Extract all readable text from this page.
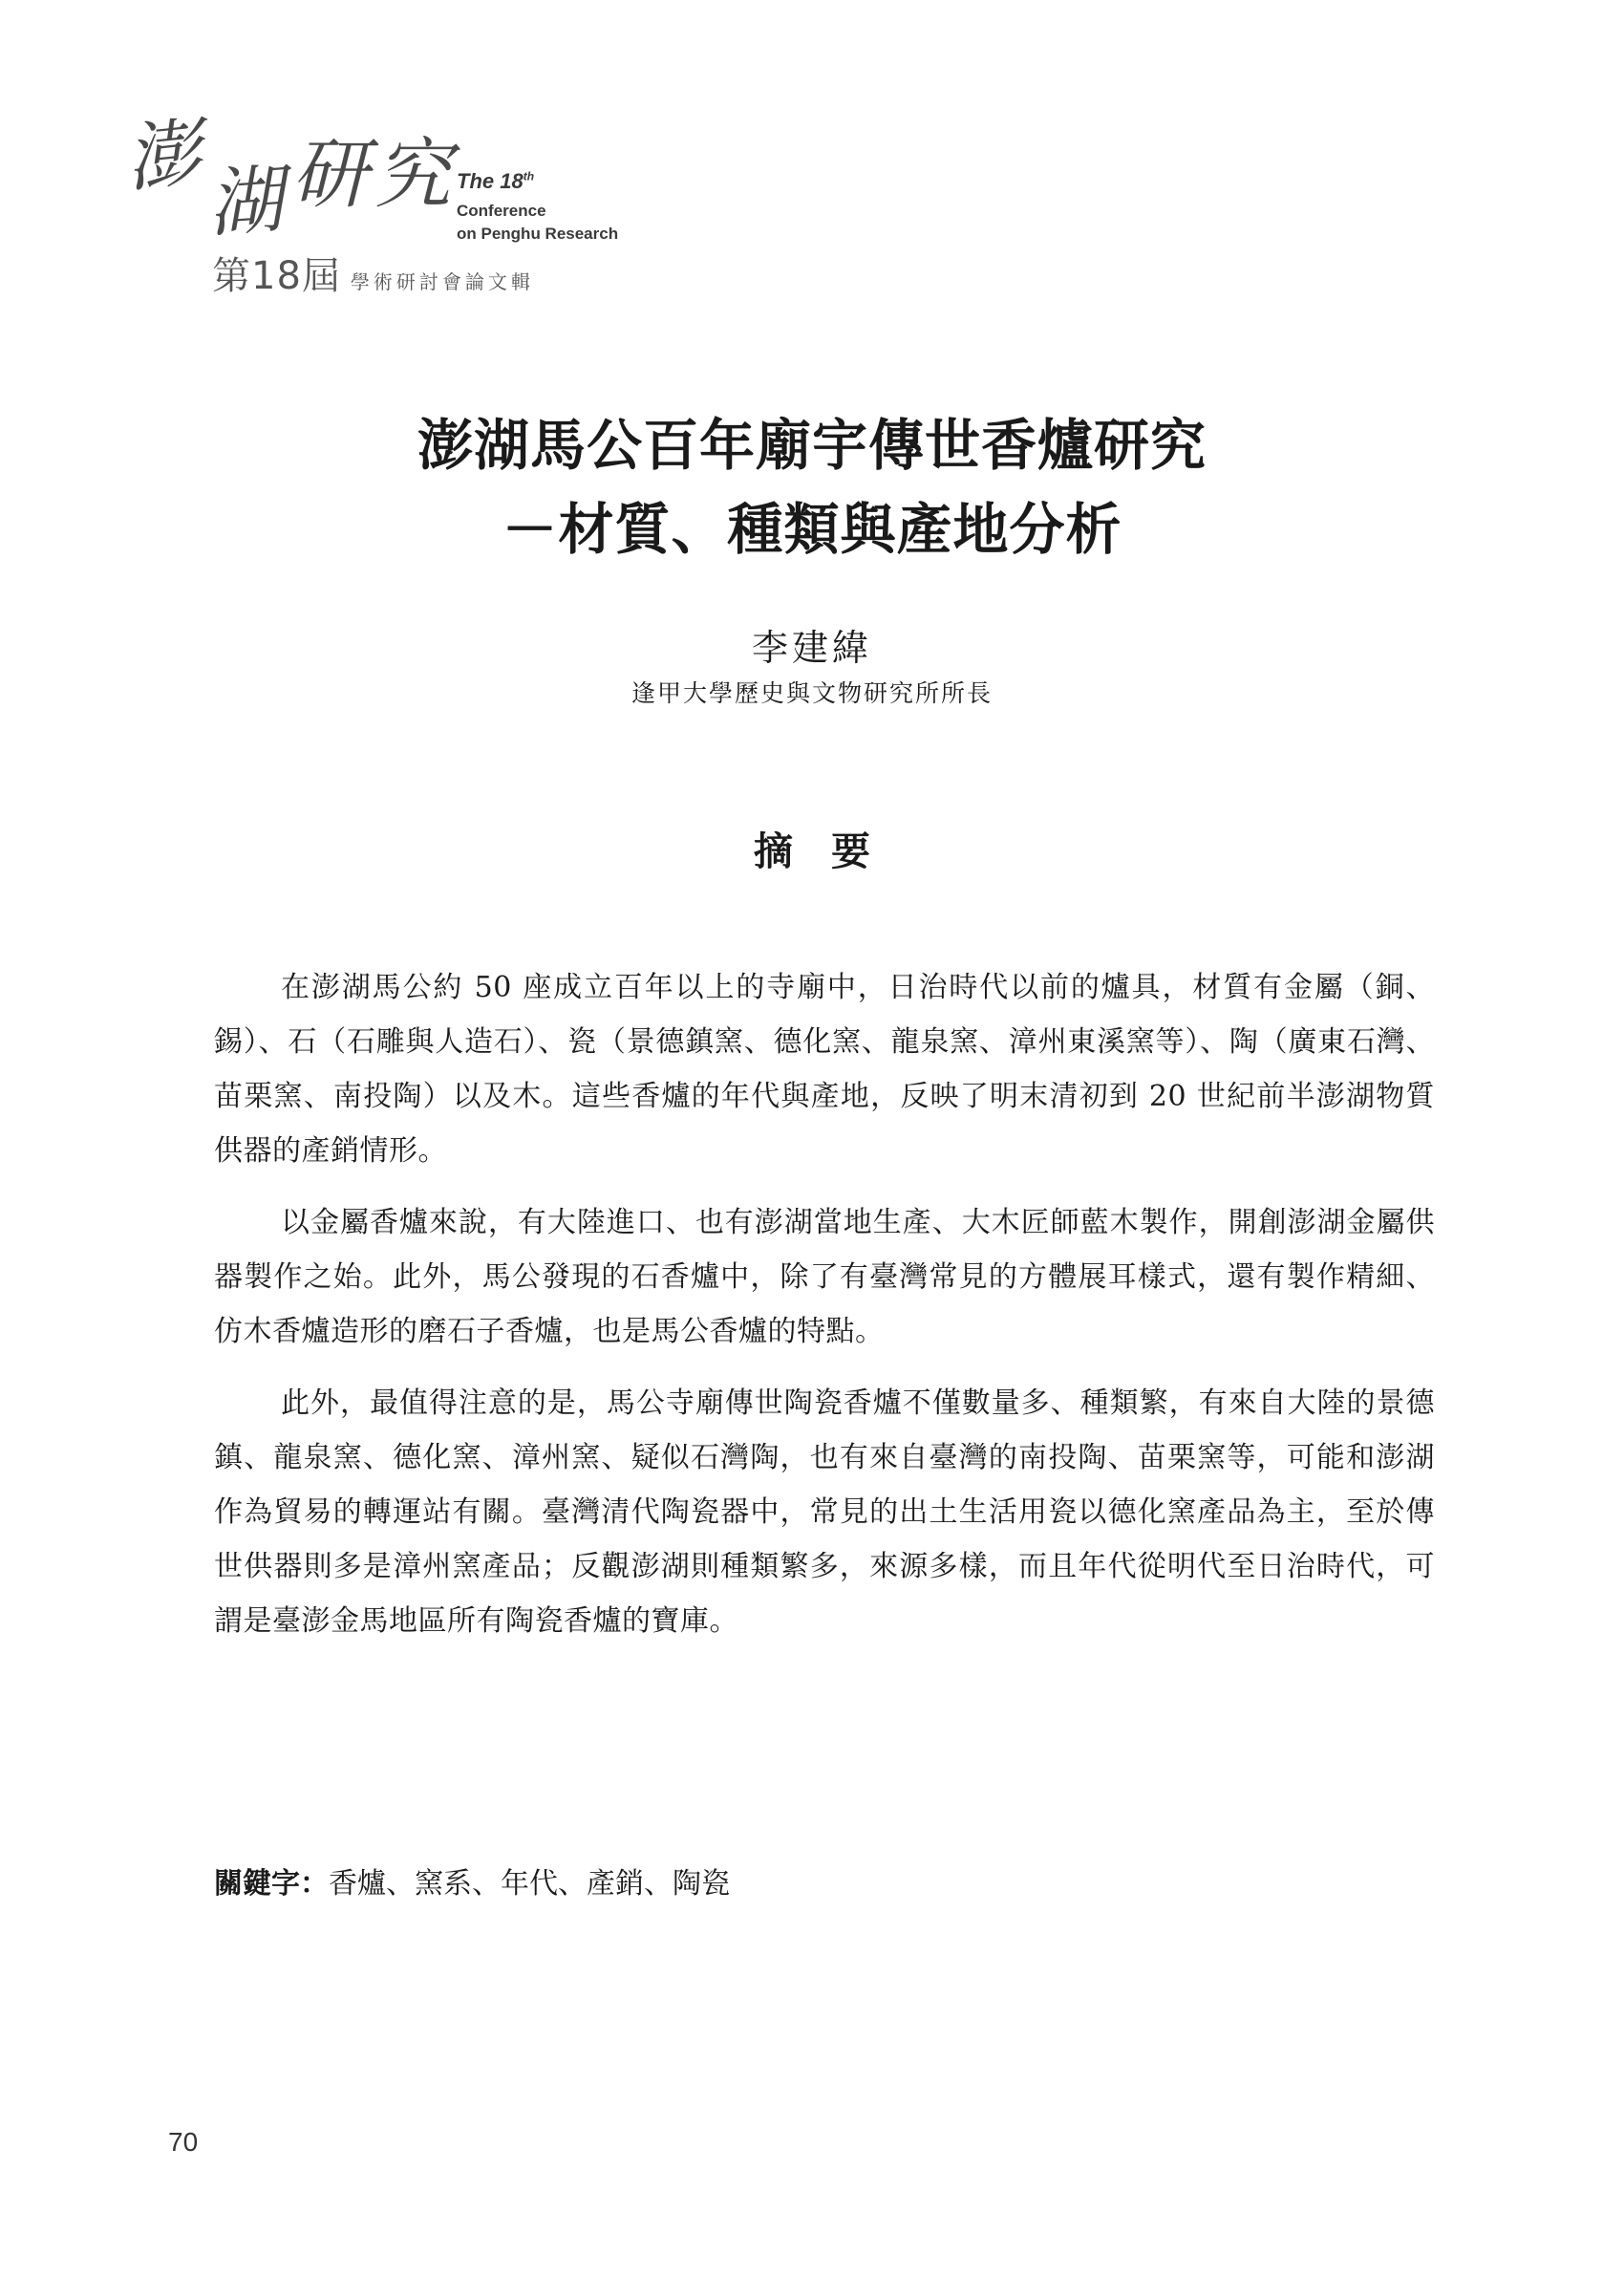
澎 湖 研 究 The 18th
Conference
on Penghu Research
第18屆 學術研討會論文輯
澎湖馬公百年廟宇傳世香爐研究
－材質、種類與產地分析
李建緯
逢甲大學歷史與文物研究所所長
摘要

在澎湖馬公約 50 座成立百年以上的寺廟中，日治時代以前的爐具，材質有金屬（銅、錫）、石（石雕與人造石）、瓷（景德鎮窯、德化窯、龍泉窯、漳州東溪窯等）、陶（廣東石灣、苗栗窯、南投陶）以及木。這些香爐的年代與產地，反映了明末清初到 20 世紀前半澎湖物質供器的產銷情形。

以金屬香爐來說，有大陸進口、也有澎湖當地生產、大木匠師藍木製作，開創澎湖金屬供器製作之始。此外，馬公發現的石香爐中，除了有臺灣常見的方體展耳樣式，還有製作精細、仿木香爐造形的磨石子香爐，也是馬公香爐的特點。

此外，最值得注意的是，馬公寺廟傳世陶瓷香爐不僅數量多、種類繁，有來自大陸的景德鎮、龍泉窯、德化窯、漳州窯、疑似石灣陶，也有來自臺灣的南投陶、苗栗窯等，可能和澎湖作為貿易的轉運站有關。臺灣清代陶瓷器中，常見的出土生活用瓷以德化窯產品為主，至於傳世供器則多是漳州窯產品；反觀澎湖則種類繁多，來源多樣，而且年代從明代至日治時代，可謂是臺澎金馬地區所有陶瓷香爐的寶庫。

關鍵字：香爐、窯系、年代、產銷、陶瓷
70
